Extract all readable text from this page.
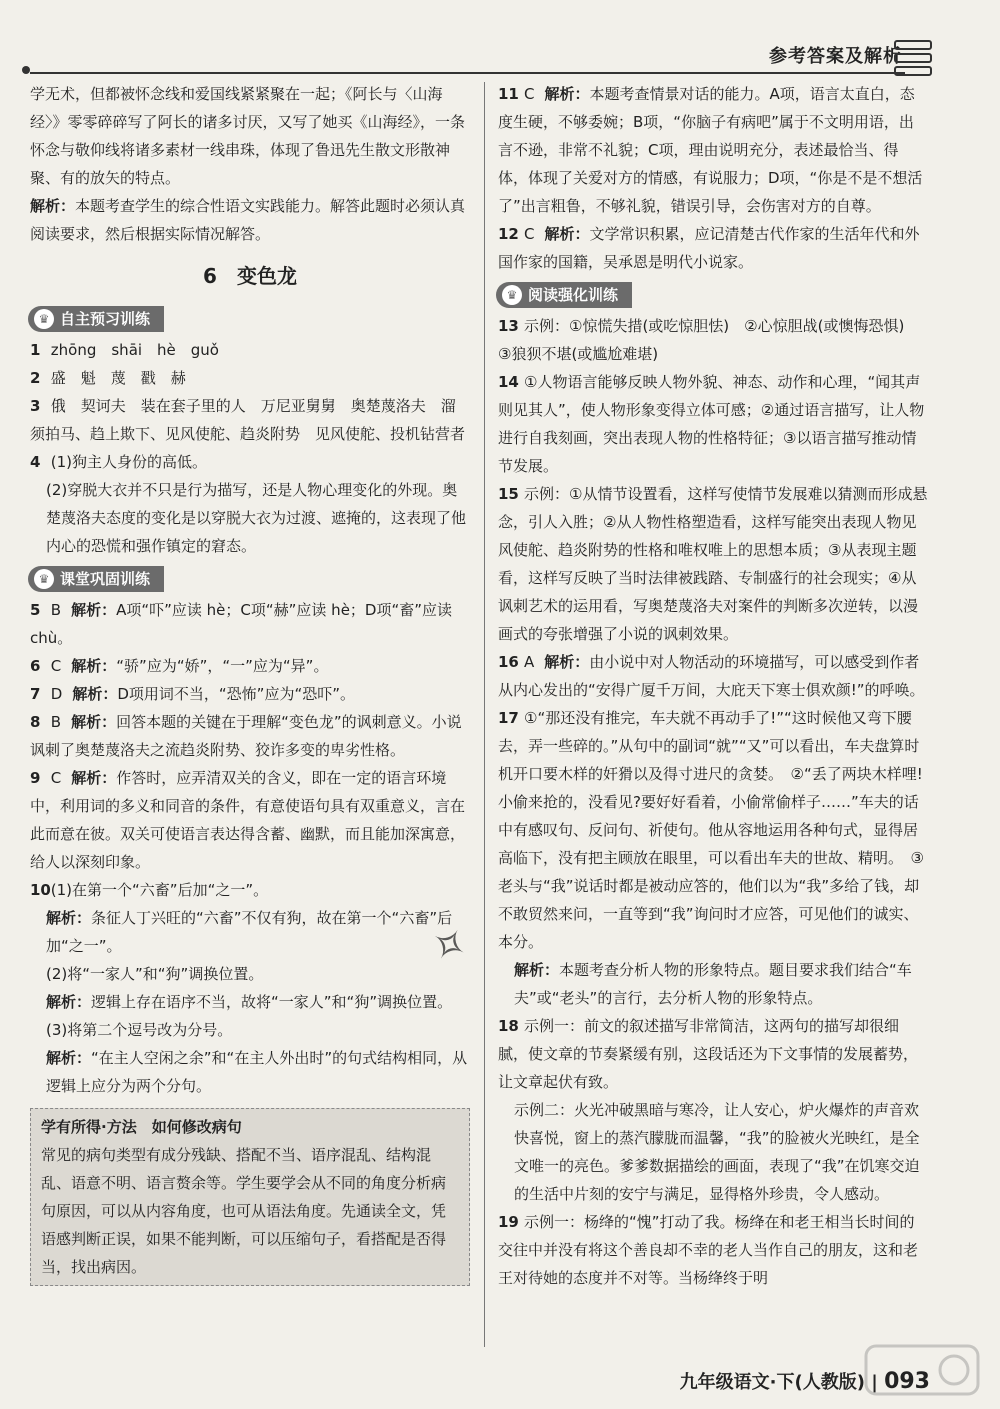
参考答案及解析

学无术，但都被怀念线和爱国线紧紧聚在一起；《阿长与〈山海经〉》零零碎碎写了阿长的诸多讨厌，又写了她买《山海经》，一条怀念与敬仰线将诸多素材一线串珠，体现了鲁迅先生散文形散神聚、有的放矢的特点。

解析：本题考查学生的综合性语文实践能力。解答此题时必须认真阅读要求，然后根据实际情况解答。

6　变色龙
♛ 自主预习训练

1 zhōng　shāi　hè　guǒ

2 盛　魁　蔑　戳　赫

3 俄　契诃夫　装在套子里的人　万尼亚舅舅　奥楚蔑洛夫　溜须拍马、趋上欺下、见风使舵、趋炎附势　见风使舵、投机钻营者

4 (1)狗主人身份的高低。

(2)穿脱大衣并不只是行为描写，还是人物心理变化的外现。奥楚蔑洛夫态度的变化是以穿脱大衣为过渡、遮掩的，这表现了他内心的恐慌和强作镇定的窘态。

♛ 课堂巩固训练

5 B 解析：A项“吓”应读 hè；C项“赫”应读 hè；D项“畜”应读 chù。

6 C 解析：“骄”应为“娇”，“一”应为“异”。

7 D 解析：D项用词不当，“恐怖”应为“恐吓”。

8 B 解析：回答本题的关键在于理解“变色龙”的讽刺意义。小说讽刺了奥楚蔑洛夫之流趋炎附势、狡诈多变的卑劣性格。

9 C 解析：作答时，应弄清双关的含义，即在一定的语言环境中，利用词的多义和同音的条件，有意使语句具有双重意义，言在此而意在彼。双关可使语言表达得含蓄、幽默，而且能加深寓意，给人以深刻印象。

10 (1)在第一个“六畜”后加“之一”。

解析：条征人丁兴旺的“六畜”不仅有狗，故在第一个“六畜”后加“之一”。

(2)将“一家人”和“狗”调换位置。

解析：逻辑上存在语序不当，故将“一家人”和“狗”调换位置。

(3)将第二个逗号改为分号。

解析：“在主人空闲之余”和“在主人外出时”的句式结构相同，从逻辑上应分为两个分句。

学有所得·方法　如何修改病句
常见的病句类型有成分残缺、搭配不当、语序混乱、结构混乱、语意不明、语言赘余等。学生要学会从不同的角度分析病句原因，可以从内容角度，也可从语法角度。先通读全文，凭语感判断正误，如果不能判断，可以压缩句子，看搭配是否得当，找出病因。

11 C 解析：本题考查情景对话的能力。A项，语言太直白，态度生硬，不够委婉；B项，“你脑子有病吧”属于不文明用语，出言不逊，非常不礼貌；C项，理由说明充分，表述最恰当、得体，体现了关爱对方的情感，有说服力；D项，“你是不是不想活了”出言粗鲁，不够礼貌，错误引导，会伤害对方的自尊。

12 C 解析：文学常识积累，应记清楚古代作家的生活年代和外国作家的国籍，吴承恩是明代小说家。

♛ 阅读强化训练

13 示例：①惊慌失措(或吃惊胆怯)　②心惊胆战(或懊悔恐惧)　③狼狈不堪(或尴尬难堪)

14 ①人物语言能够反映人物外貌、神态、动作和心理，“闻其声则见其人”，使人物形象变得立体可感；②通过语言描写，让人物进行自我刻画，突出表现人物的性格特征；③以语言描写推动情节发展。

15 示例：①从情节设置看，这样写使情节发展难以猜测而形成悬念，引人入胜；②从人物性格塑造看，这样写能突出表现人物见风使舵、趋炎附势的性格和唯权唯上的思想本质；③从表现主题看，这样写反映了当时法律被践踏、专制盛行的社会现实；④从讽刺艺术的运用看，写奥楚蔑洛夫对案件的判断多次逆转，以漫画式的夸张增强了小说的讽刺效果。

16 A 解析：由小说中对人物活动的环境描写，可以感受到作者从内心发出的“安得广厦千万间，大庇天下寒士俱欢颜!”的呼唤。

17 ①“那还没有推完，车夫就不再动手了!”“这时候他又弯下腰去，弄一些碎的。”从句中的副词“就”“又”可以看出，车夫盘算时机开口要木样的奸猾以及得寸进尺的贪婪。　②“丢了两块木样哩!小偷来抢的，没看见?要好好看着，小偷常偷样子……”车夫的话中有感叹句、反问句、祈使句。他从容地运用各种句式，显得居高临下，没有把主顾放在眼里，可以看出车夫的世故、精明。　③老头与“我”说话时都是被动应答的，他们以为“我”多给了钱，却不敢贸然来问，一直等到“我”询问时才应答，可见他们的诚实、本分。

解析：本题考查分析人物的形象特点。题目要求我们结合“车夫”或“老头”的言行，去分析人物的形象特点。

18 示例一：前文的叙述描写非常简洁，这两句的描写却很细腻，使文章的节奏紧缓有别，这段话还为下文事情的发展蓄势，让文章起伏有致。

示例二：火光冲破黑暗与寒冷，让人安心，炉火爆炸的声音欢快喜悦，窗上的蒸汽朦胧而温馨，“我”的脸被火光映红，是全文唯一的亮色。爹爹数据描绘的画面，表现了“我”在饥寒交迫的生活中片刻的安宁与满足，显得格外珍贵，令人感动。

19 示例一：杨绛的“愧”打动了我。杨绛在和老王相当长时间的交往中并没有将这个善良却不幸的老人当作自己的朋友，这和老王对待她的态度并不对等。当杨绛终于明

✧
九年级语文·下(人教版) | 093
